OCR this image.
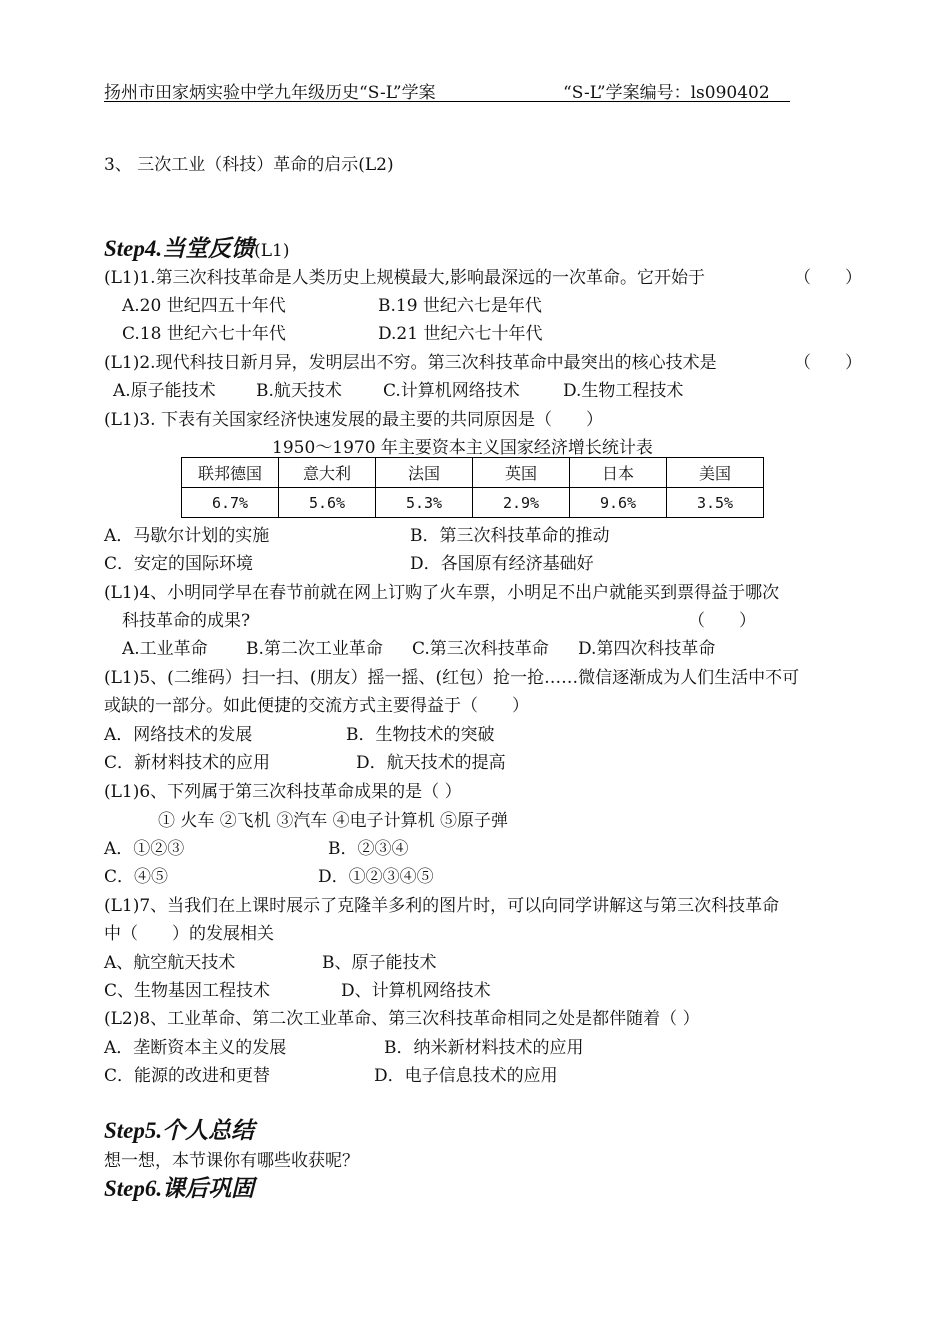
扬州市田家炳实验中学九年级历史“S-L”学案	“S-L”学案编号：ls090402
3、 三次工业（科技）革命的启示(L2)
Step4.当堂反馈(L1)
(L1)1.第三次科技革命是人类历史上规模最大,影响最深远的一次革命。它开始于	（　　）
A.20 世纪四五十年代	B.19 世纪六七是年代
C.18 世纪六七十年代	D.21 世纪六七十年代
(L1)2.现代科技日新月异，发明层出不穷。第三次科技革命中最突出的核心技术是	（　　）
A.原子能技术 B.航天技术 C.计算机网络技术	D.生物工程技术
(L1)3. 下表有关国家经济快速发展的最主要的共同原因是（　　）
1950～1970 年主要资本主义国家经济增长统计表
联邦德国	意大利	法国	英国	日本	美国
6.7%	5.6%	5.3%	2.9%	9.6%	3.5%
A．马歇尔计划的实施	B．第三次科技革命的推动
C．安定的国际环境	D．各国原有经济基础好
(L1)4、小明同学早在春节前就在网上订购了火车票，小明足不出户就能买到票得益于哪次
科技革命的成果?	（　　）
A.工业革命 B.第二次工业革命 C.第三次科技革命 D.第四次科技革命
(L1)5、(二维码）扫一扫、(朋友）摇一摇、(红包）抢一抢……微信逐渐成为人们生活中不可
或缺的一部分。如此便捷的交流方式主要得益于（　　）
A．网络技术的发展	B．生物技术的突破
C．新材料技术的应用	D．航天技术的提高
(L1)6、下列属于第三次科技革命成果的是（ ）
① 火车 ②飞机 ③汽车 ④电子计算机 ⑤原子弹
A．①②③	B．②③④
C．④⑤	D．①②③④⑤
(L1)7、当我们在上课时展示了克隆羊多利的图片时，可以向同学讲解这与第三次科技革命
中（　　）的发展相关
A、航空航天技术	B、原子能技术
C、生物基因工程技术	D、计算机网络技术
(L2)8、工业革命、第二次工业革命、第三次科技革命相同之处是都伴随着（ ）
A．垄断资本主义的发展	B．纳米新材料技术的应用
C．能源的改进和更替	D．电子信息技术的应用
Step5.个人总结
想一想，本节课你有哪些收获呢？
Step6.课后巩固
